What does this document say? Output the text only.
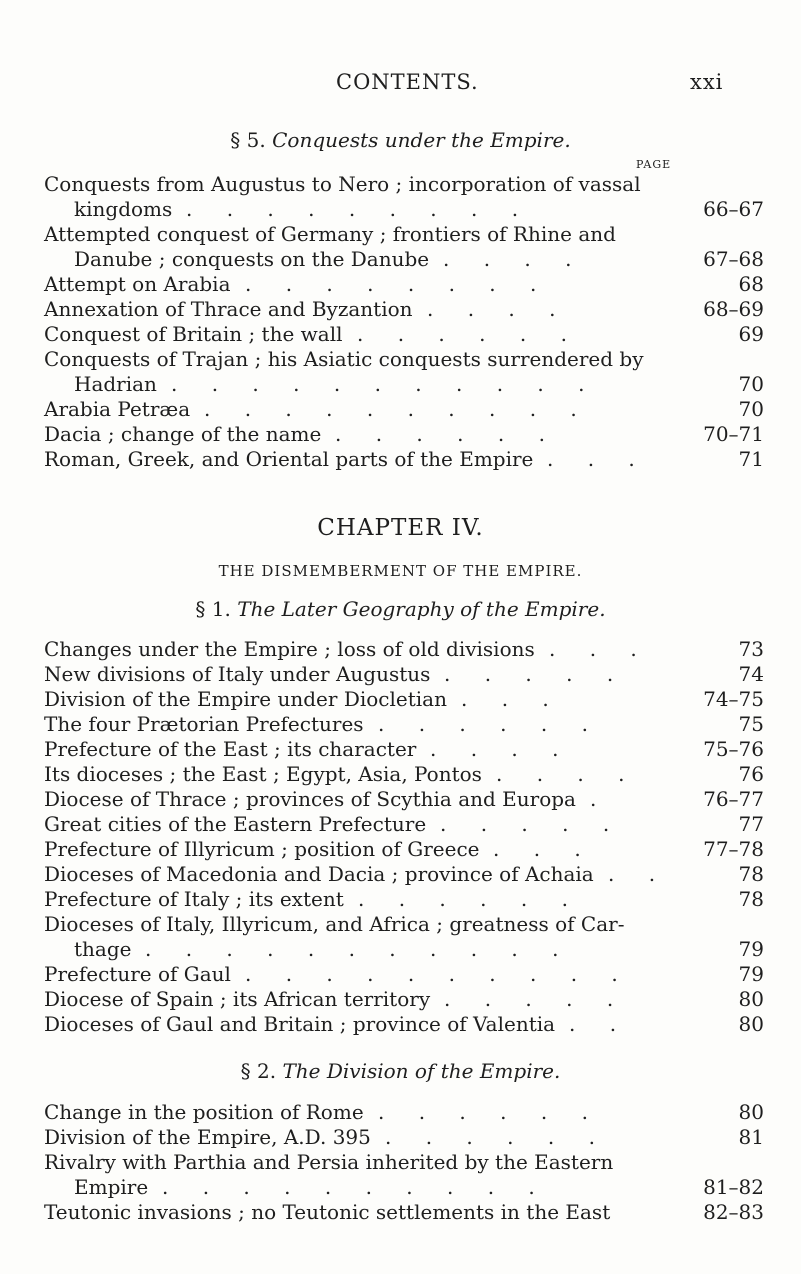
CONTENTS.	xxi
§ 5. Conquests under the Empire.
PAGE
Conquests from Augustus to Nero ; incorporation of vassal
kingdoms . . . . . . . . .	66–67
Attempted conquest of Germany ; frontiers of Rhine and
Danube ; conquests on the Danube . . . .	67–68
Attempt on Arabia . . . . . . . .	68
Annexation of Thrace and Byzantion . . . .	68–69
Conquest of Britain ; the wall . . . . . .	69
Conquests of Trajan ; his Asiatic conquests surrendered by
Hadrian . . . . . . . . . . .	70
Arabia Petræa . . . . . . . . . .	70
Dacia ; change of the name . . . . . .	70–71
Roman, Greek, and Oriental parts of the Empire . . .	71
CHAPTER IV.
THE DISMEMBERMENT OF THE EMPIRE.
§ 1. The Later Geography of the Empire.
Changes under the Empire ; loss of old divisions . . .	73
New divisions of Italy under Augustus . . . . .	74
Division of the Empire under Diocletian . . .	74–75
The four Prætorian Prefectures . . . . . .	75
Prefecture of the East ; its character . . . .	75–76
Its dioceses ; the East ; Egypt, Asia, Pontos . . . .	76
Diocese of Thrace ; provinces of Scythia and Europa .	76–77
Great cities of the Eastern Prefecture . . . . .	77
Prefecture of Illyricum ; position of Greece . . .	77–78
Dioceses of Macedonia and Dacia ; province of Achaia . .	78
Prefecture of Italy ; its extent . . . . . .	78
Dioceses of Italy, Illyricum, and Africa ; greatness of Car-
thage . . . . . . . . . . .	79
Prefecture of Gaul . . . . . . . . . .	79
Diocese of Spain ; its African territory . . . . .	80
Dioceses of Gaul and Britain ; province of Valentia . .	80
§ 2. The Division of the Empire.
Change in the position of Rome . . . . . .	80
Division of the Empire, A.D. 395 . . . . . .	81
Rivalry with Parthia and Persia inherited by the Eastern
Empire . . . . . . . . . .	81–82
Teutonic invasions ; no Teutonic settlements in the East	82–83
